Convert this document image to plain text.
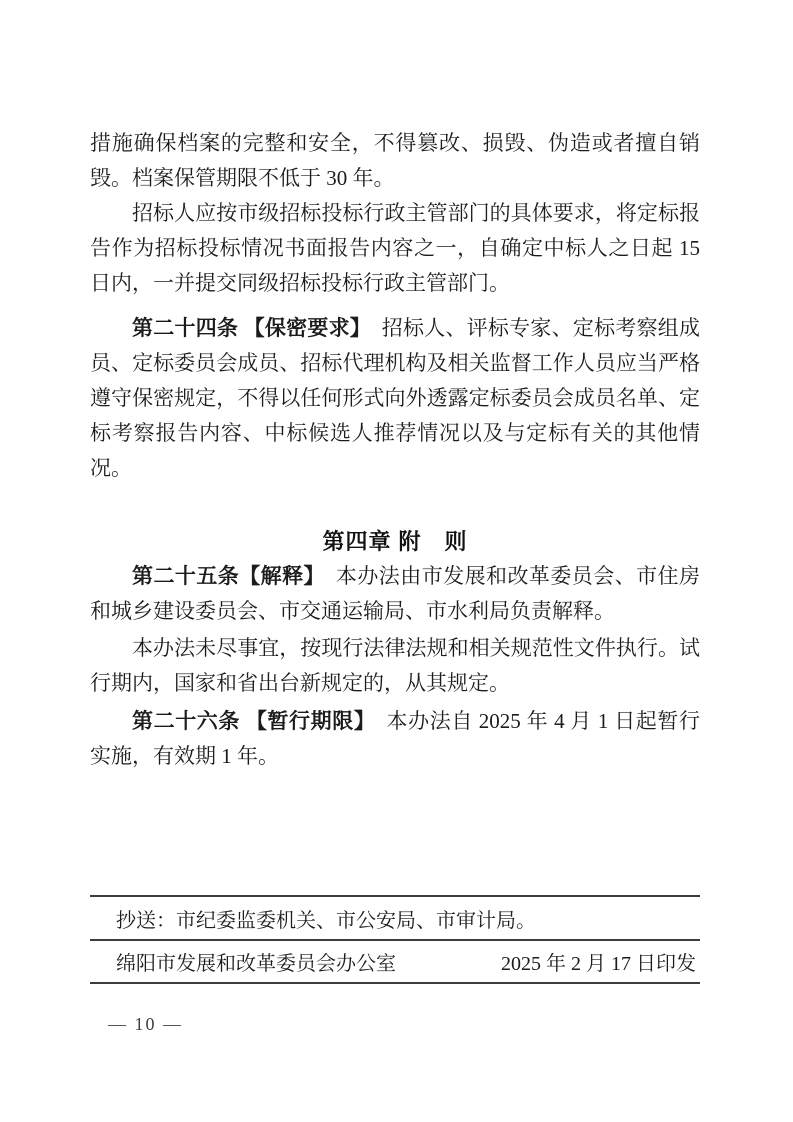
措施确保档案的完整和安全，不得篡改、损毁、伪造或者擅自销毁。档案保管期限不低于 30 年。

招标人应按市级招标投标行政主管部门的具体要求，将定标报告作为招标投标情况书面报告内容之一，自确定中标人之日起 15 日内，一并提交同级招标投标行政主管部门。

第二十四条 【保密要求】　招标人、评标专家、定标考察组成员、定标委员会成员、招标代理机构及相关监督工作人员应当严格遵守保密规定，不得以任何形式向外透露定标委员会成员名单、定标考察报告内容、中标候选人推荐情况以及与定标有关的其他情况。

第四章 附　则

第二十五条【解释】　本办法由市发展和改革委员会、市住房和城乡建设委员会、市交通运输局、市水利局负责解释。

本办法未尽事宜，按现行法律法规和相关规范性文件执行。试行期内，国家和省出台新规定的，从其规定。

第二十六条 【暂行期限】　本办法自 2025 年 4 月 1 日起暂行实施，有效期 1 年。

抄送：市纪委监委机关、市公安局、市审计局。
绵阳市发展和改革委员会办公室	2025 年 2 月 17 日印发
— 10 —
